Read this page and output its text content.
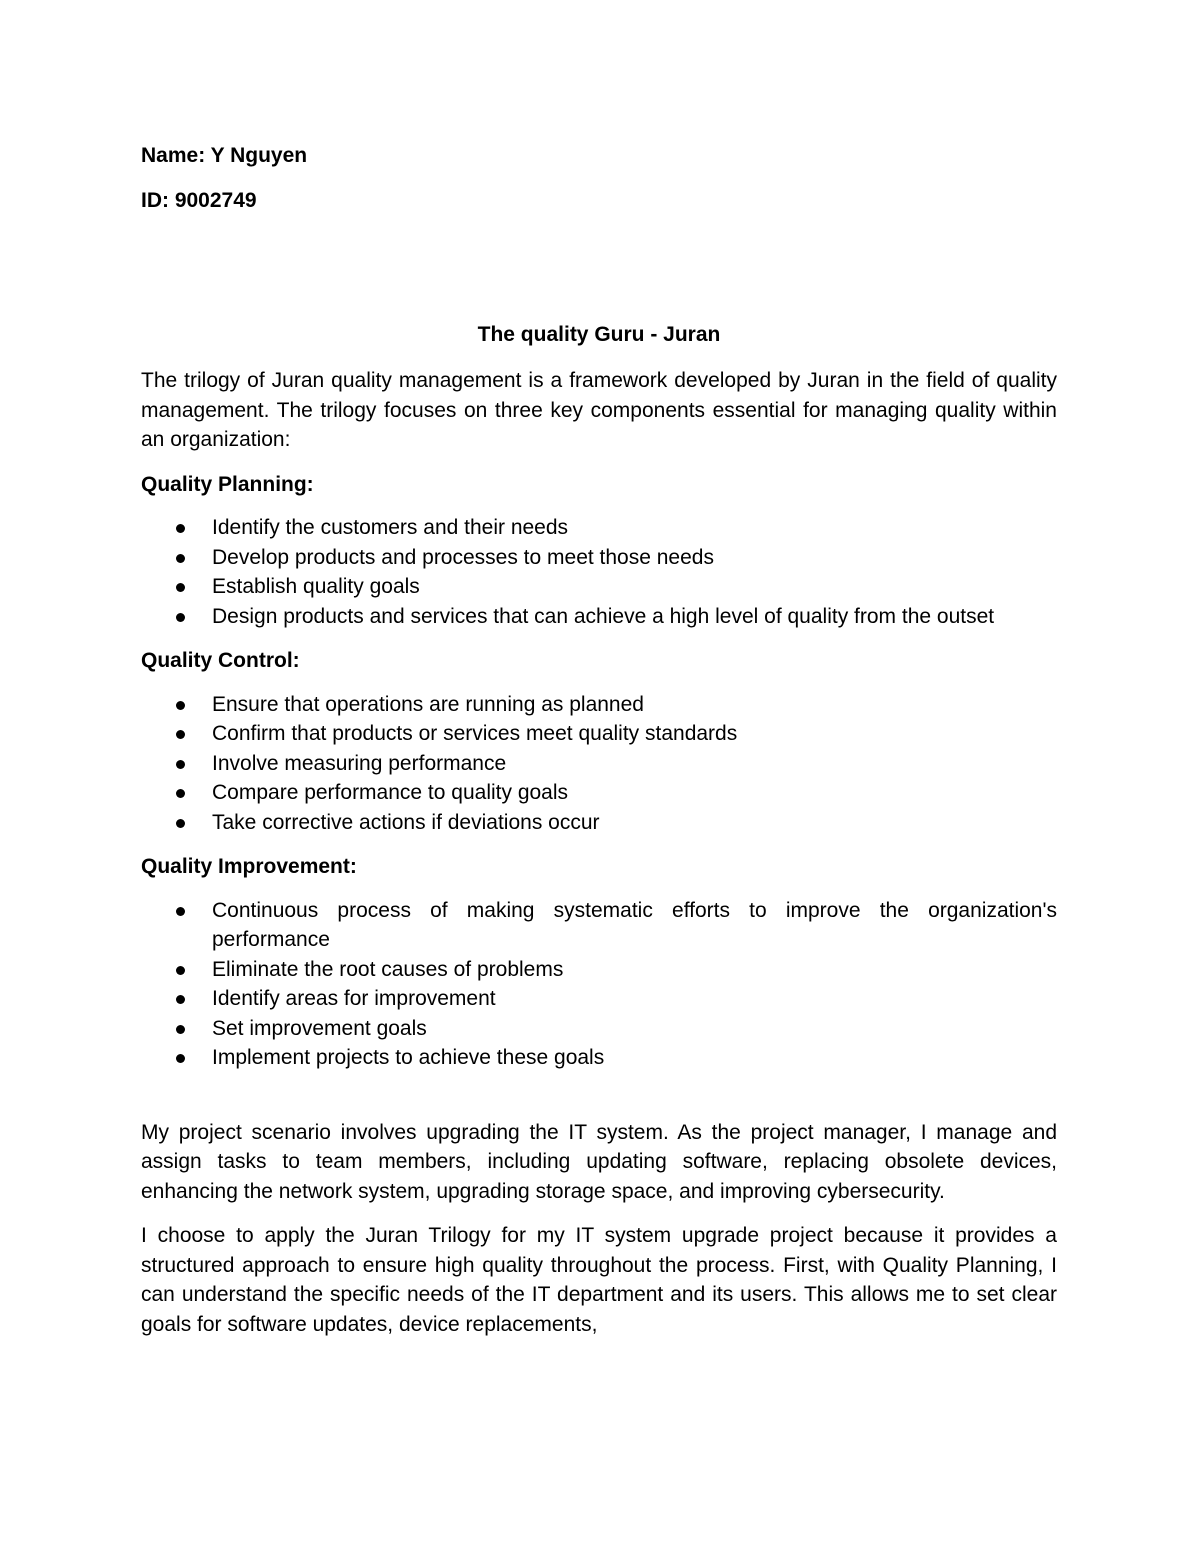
Name: Y Nguyen
ID: 9002749
The quality Guru - Juran

The trilogy of Juran quality management is a framework developed by Juran in the field of quality management. The trilogy focuses on three key components essential for managing quality within an organization:

Quality Planning:
Identify the customers and their needs
Develop products and processes to meet those needs
Establish quality goals
Design products and services that can achieve a high level of quality from the outset
Quality Control:
Ensure that operations are running as planned
Confirm that products or services meet quality standards
Involve measuring performance
Compare performance to quality goals
Take corrective actions if deviations occur
Quality Improvement:
Continuous process of making systematic efforts to improve the organization's performance
Eliminate the root causes of problems
Identify areas for improvement
Set improvement goals
Implement projects to achieve these goals

My project scenario involves upgrading the IT system. As the project manager, I manage and assign tasks to team members, including updating software, replacing obsolete devices, enhancing the network system, upgrading storage space, and improving cybersecurity.

I choose to apply the Juran Trilogy for my IT system upgrade project because it provides a structured approach to ensure high quality throughout the process. First, with Quality Planning, I can understand the specific needs of the IT department and its users. This allows me to set clear goals for software updates, device replacements,
